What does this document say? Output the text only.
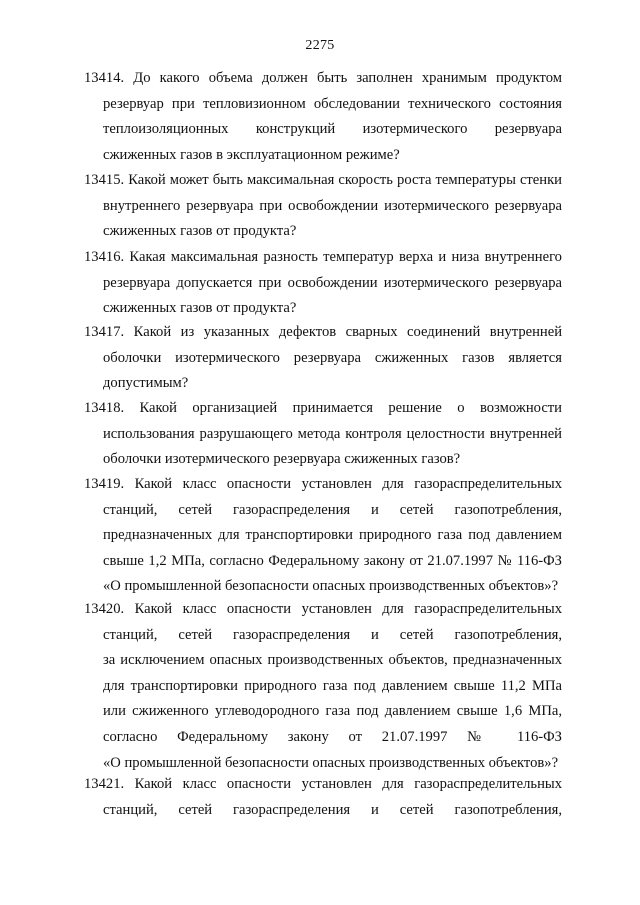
2275
13414. До какого объема должен быть заполнен хранимым продуктом
резервуар при тепловизионном обследовании технического состояния
теплоизоляционных конструкций изотермического резервуара
сжиженных газов в эксплуатационном режиме?
13415. Какой может быть максимальная скорость роста температуры стенки
внутреннего резервуара при освобождении изотермического резервуара
сжиженных газов от продукта?
13416. Какая максимальная разность температур верха и низа внутреннего
резервуара допускается при освобождении изотермического резервуара
сжиженных газов от продукта?
13417. Какой из указанных дефектов сварных соединений внутренней
оболочки изотермического резервуара сжиженных газов является
допустимым?
13418. Какой организацией принимается решение о возможности
использования разрушающего метода контроля целостности внутренней
оболочки изотермического резервуара сжиженных газов?
13419. Какой класс опасности установлен для газораспределительных
станций, сетей газораспределения и сетей газопотребления,
предназначенных для транспортировки природного газа под давлением
свыше 1,2 МПа, согласно Федеральному закону от 21.07.1997 № 116-ФЗ
«О промышленной безопасности опасных производственных объектов»?
13420. Какой класс опасности установлен для газораспределительных
станций, сетей газораспределения и сетей газопотребления,
за исключением опасных производственных объектов, предназначенных
для транспортировки природного газа под давлением свыше 11,2 МПа
или сжиженного углеводородного газа под давлением свыше 1,6 МПа,
согласно Федеральному закону от 21.07.1997 № 116-ФЗ
«О промышленной безопасности опасных производственных объектов»?
13421. Какой класс опасности установлен для газораспределительных
станций, сетей газораспределения и сетей газопотребления,
